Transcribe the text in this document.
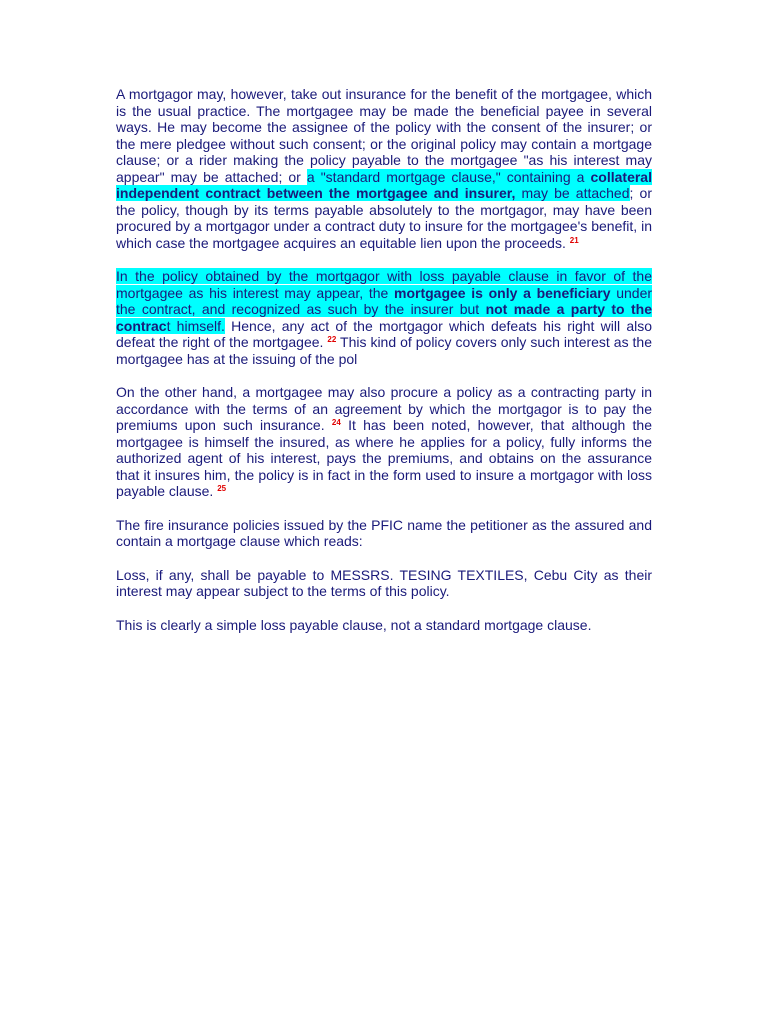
A mortgagor may, however, take out insurance for the benefit of the mortgagee, which is the usual practice. The mortgagee may be made the beneficial payee in several ways. He may become the assignee of the policy with the consent of the insurer; or the mere pledgee without such consent; or the original policy may contain a mortgage clause; or a rider making the policy payable to the mortgagee "as his interest may appear" may be attached; or a "standard mortgage clause," containing a collateral independent contract between the mortgagee and insurer, may be attached; or the policy, though by its terms payable absolutely to the mortgagor, may have been procured by a mortgagor under a contract duty to insure for the mortgagee's benefit, in which case the mortgagee acquires an equitable lien upon the proceeds. $^{21}$

In the policy obtained by the mortgagor with loss payable clause in favor of the mortgagee as his interest may appear, the mortgagee is only a beneficiary under the contract, and recognized as such by the insurer but not made a party to the contract himself. Hence, any act of the mortgagor which defeats his right will also defeat the right of the mortgagee. $^{22}$ This kind of policy covers only such interest as the mortgagee has at the issuing of the pol

On the other hand, a mortgagee may also procure a policy as a contracting party in accordance with the terms of an agreement by which the mortgagor is to pay the premiums upon such insurance. $^{24}$ It has been noted, however, that although the mortgagee is himself the insured, as where he applies for a policy, fully informs the authorized agent of his interest, pays the premiums, and obtains on the assurance that it insures him, the policy is in fact in the form used to insure a mortgagor with loss payable clause. $^{25}$

The fire insurance policies issued by the PFIC name the petitioner as the assured and contain a mortgage clause which reads:

Loss, if any, shall be payable to MESSRS. TESING TEXTILES, Cebu City as their interest may appear subject to the terms of this policy.

This is clearly a simple loss payable clause, not a standard mortgage clause.
